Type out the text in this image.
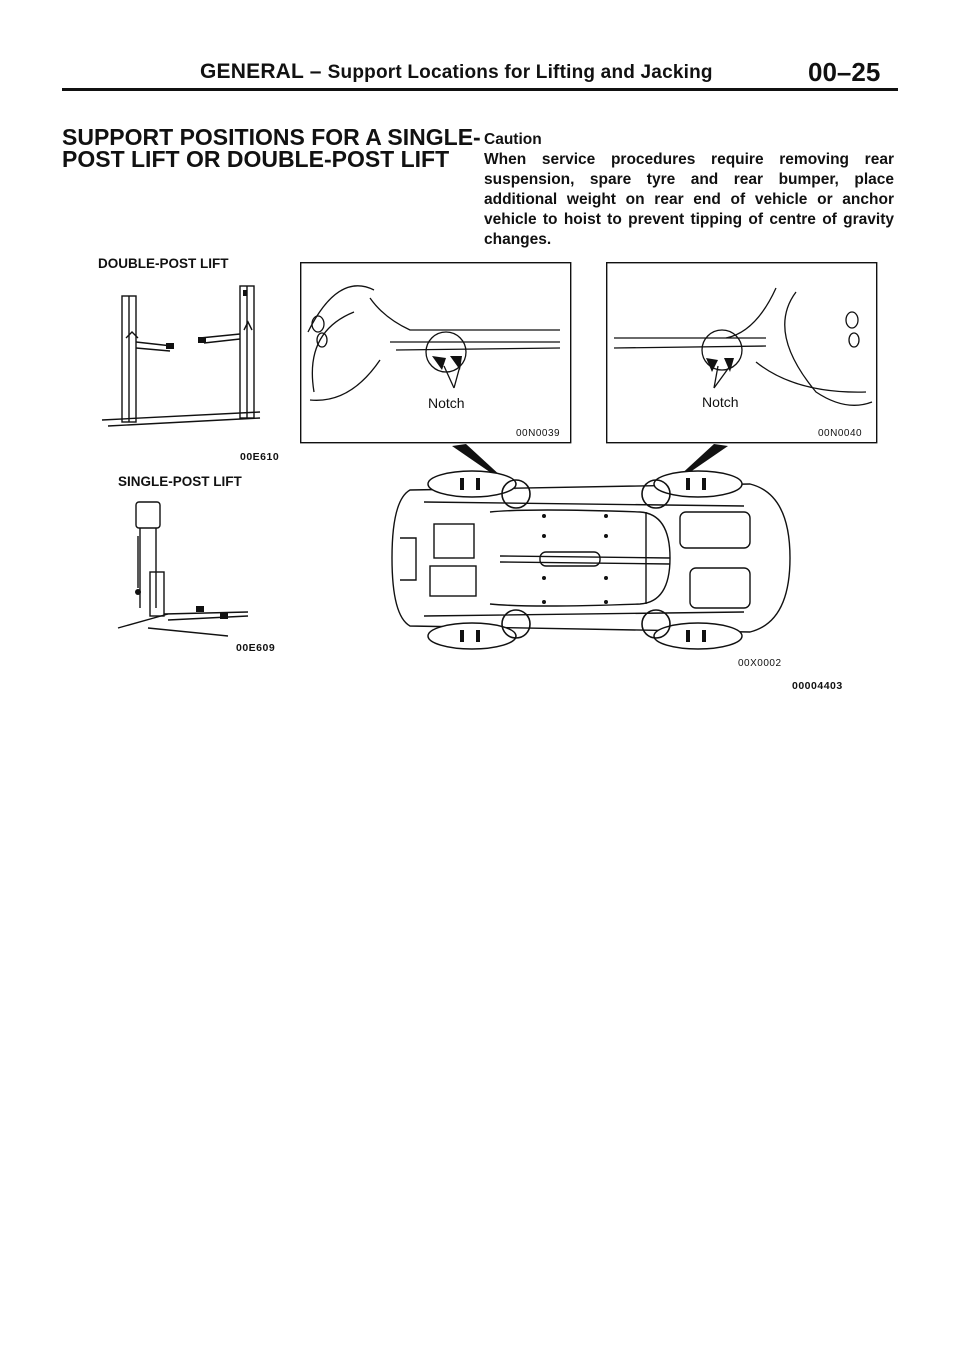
GENERAL – Support Locations for Lifting and Jacking	00–25
SUPPORT POSITIONS FOR A SINGLE-POST LIFT OR DOUBLE-POST LIFT
Caution
When service procedures require removing rear suspension, spare tyre and rear bumper, place additional weight on rear end of vehicle or anchor vehicle to hoist to prevent tipping of centre of gravity changes.
DOUBLE-POST LIFT
00E610
SINGLE-POST LIFT
00E609
Notch
00N0039
Notch
00N0040
00X0002
00004403
